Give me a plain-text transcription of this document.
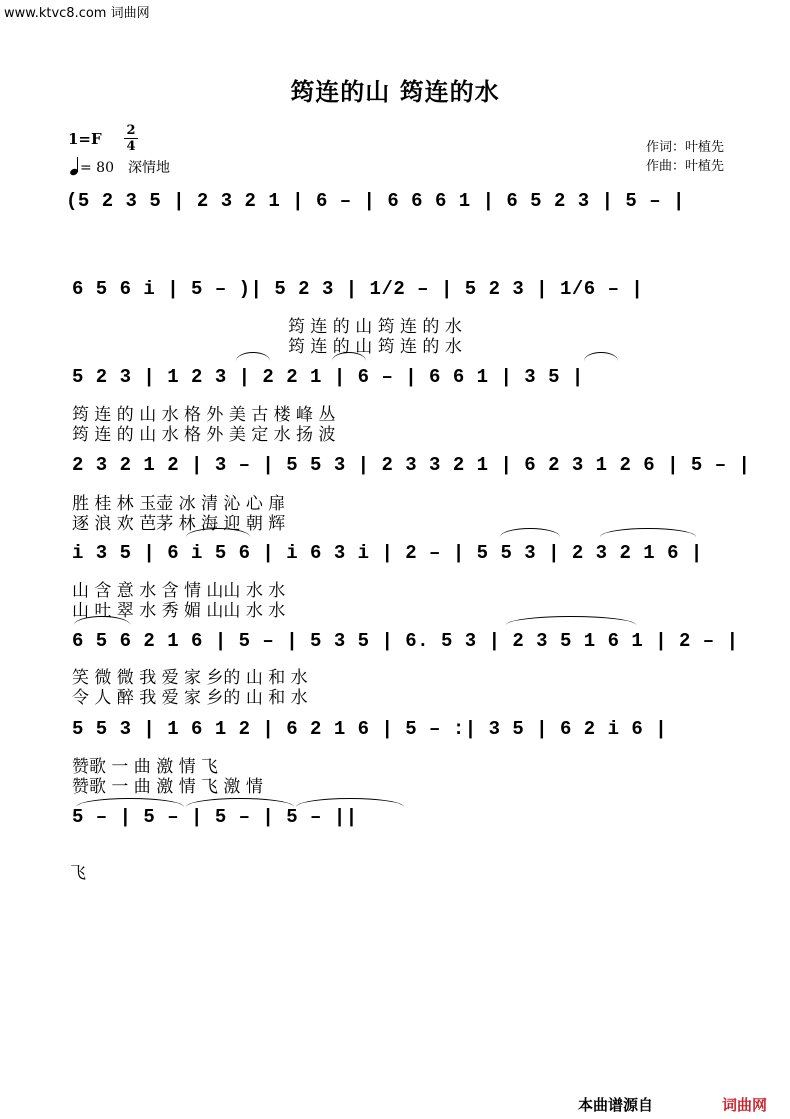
www.ktvc8.com 词曲网
筠连的山 筠连的水
1=F 2
4
= 80 深情地
作词：叶植先
作曲：叶植先
(5 2 3 5 | 2 3 2 1 | 6 – | 6 6 6 1 | 6 5 2 3 | 5 – |
6 5 6 i | 5 – )| 5 2 3 | 1/2 – | 5 2 3 | 1/6 – |
筠 连 的 山 筠 连 的 水
筠 连 的 山 筠 连 的 水
5 2 3 | 1 2 3 | 2 2 1 | 6 – | 6 6 1 | 3 5 |
筠 连 的 山 水 格 外 美 古 楼 峰 丛
筠 连 的 山 水 格 外 美 定 水 扬 波
2 3 2 1 2 | 3 – | 5 5 3 | 2 3 3 2 1 | 6 2 3 1 2 6 | 5 – |
胜 桂 林 玉壶 冰 清 沁 心 扉
逐 浪 欢 芭茅 林 海 迎 朝 辉
i 3 5 | 6 i 5 6 | i 6 3 i | 2 – | 5 5 3 | 2 3 2 1 6 |
山 含 意 水 含 情 山山 水 水
山 吐 翠 水 秀 媚 山山 水 水
6 5 6 2 1 6 | 5 – | 5 3 5 | 6. 5 3 | 2 3 5 1 6 1 | 2 – |
笑 微 微 我 爱 家 乡的 山 和 水
令 人 醉 我 爱 家 乡的 山 和 水
5 5 3 | 1 6 1 2 | 6 2 1 6 | 5 – :| 3 5 | 6 2 i 6 |
赞歌 一 曲 激 情 飞
赞歌 一 曲 激 情 飞 激 情
5 – | 5 – | 5 – | 5 – ||
飞
本曲谱源自	词曲网
